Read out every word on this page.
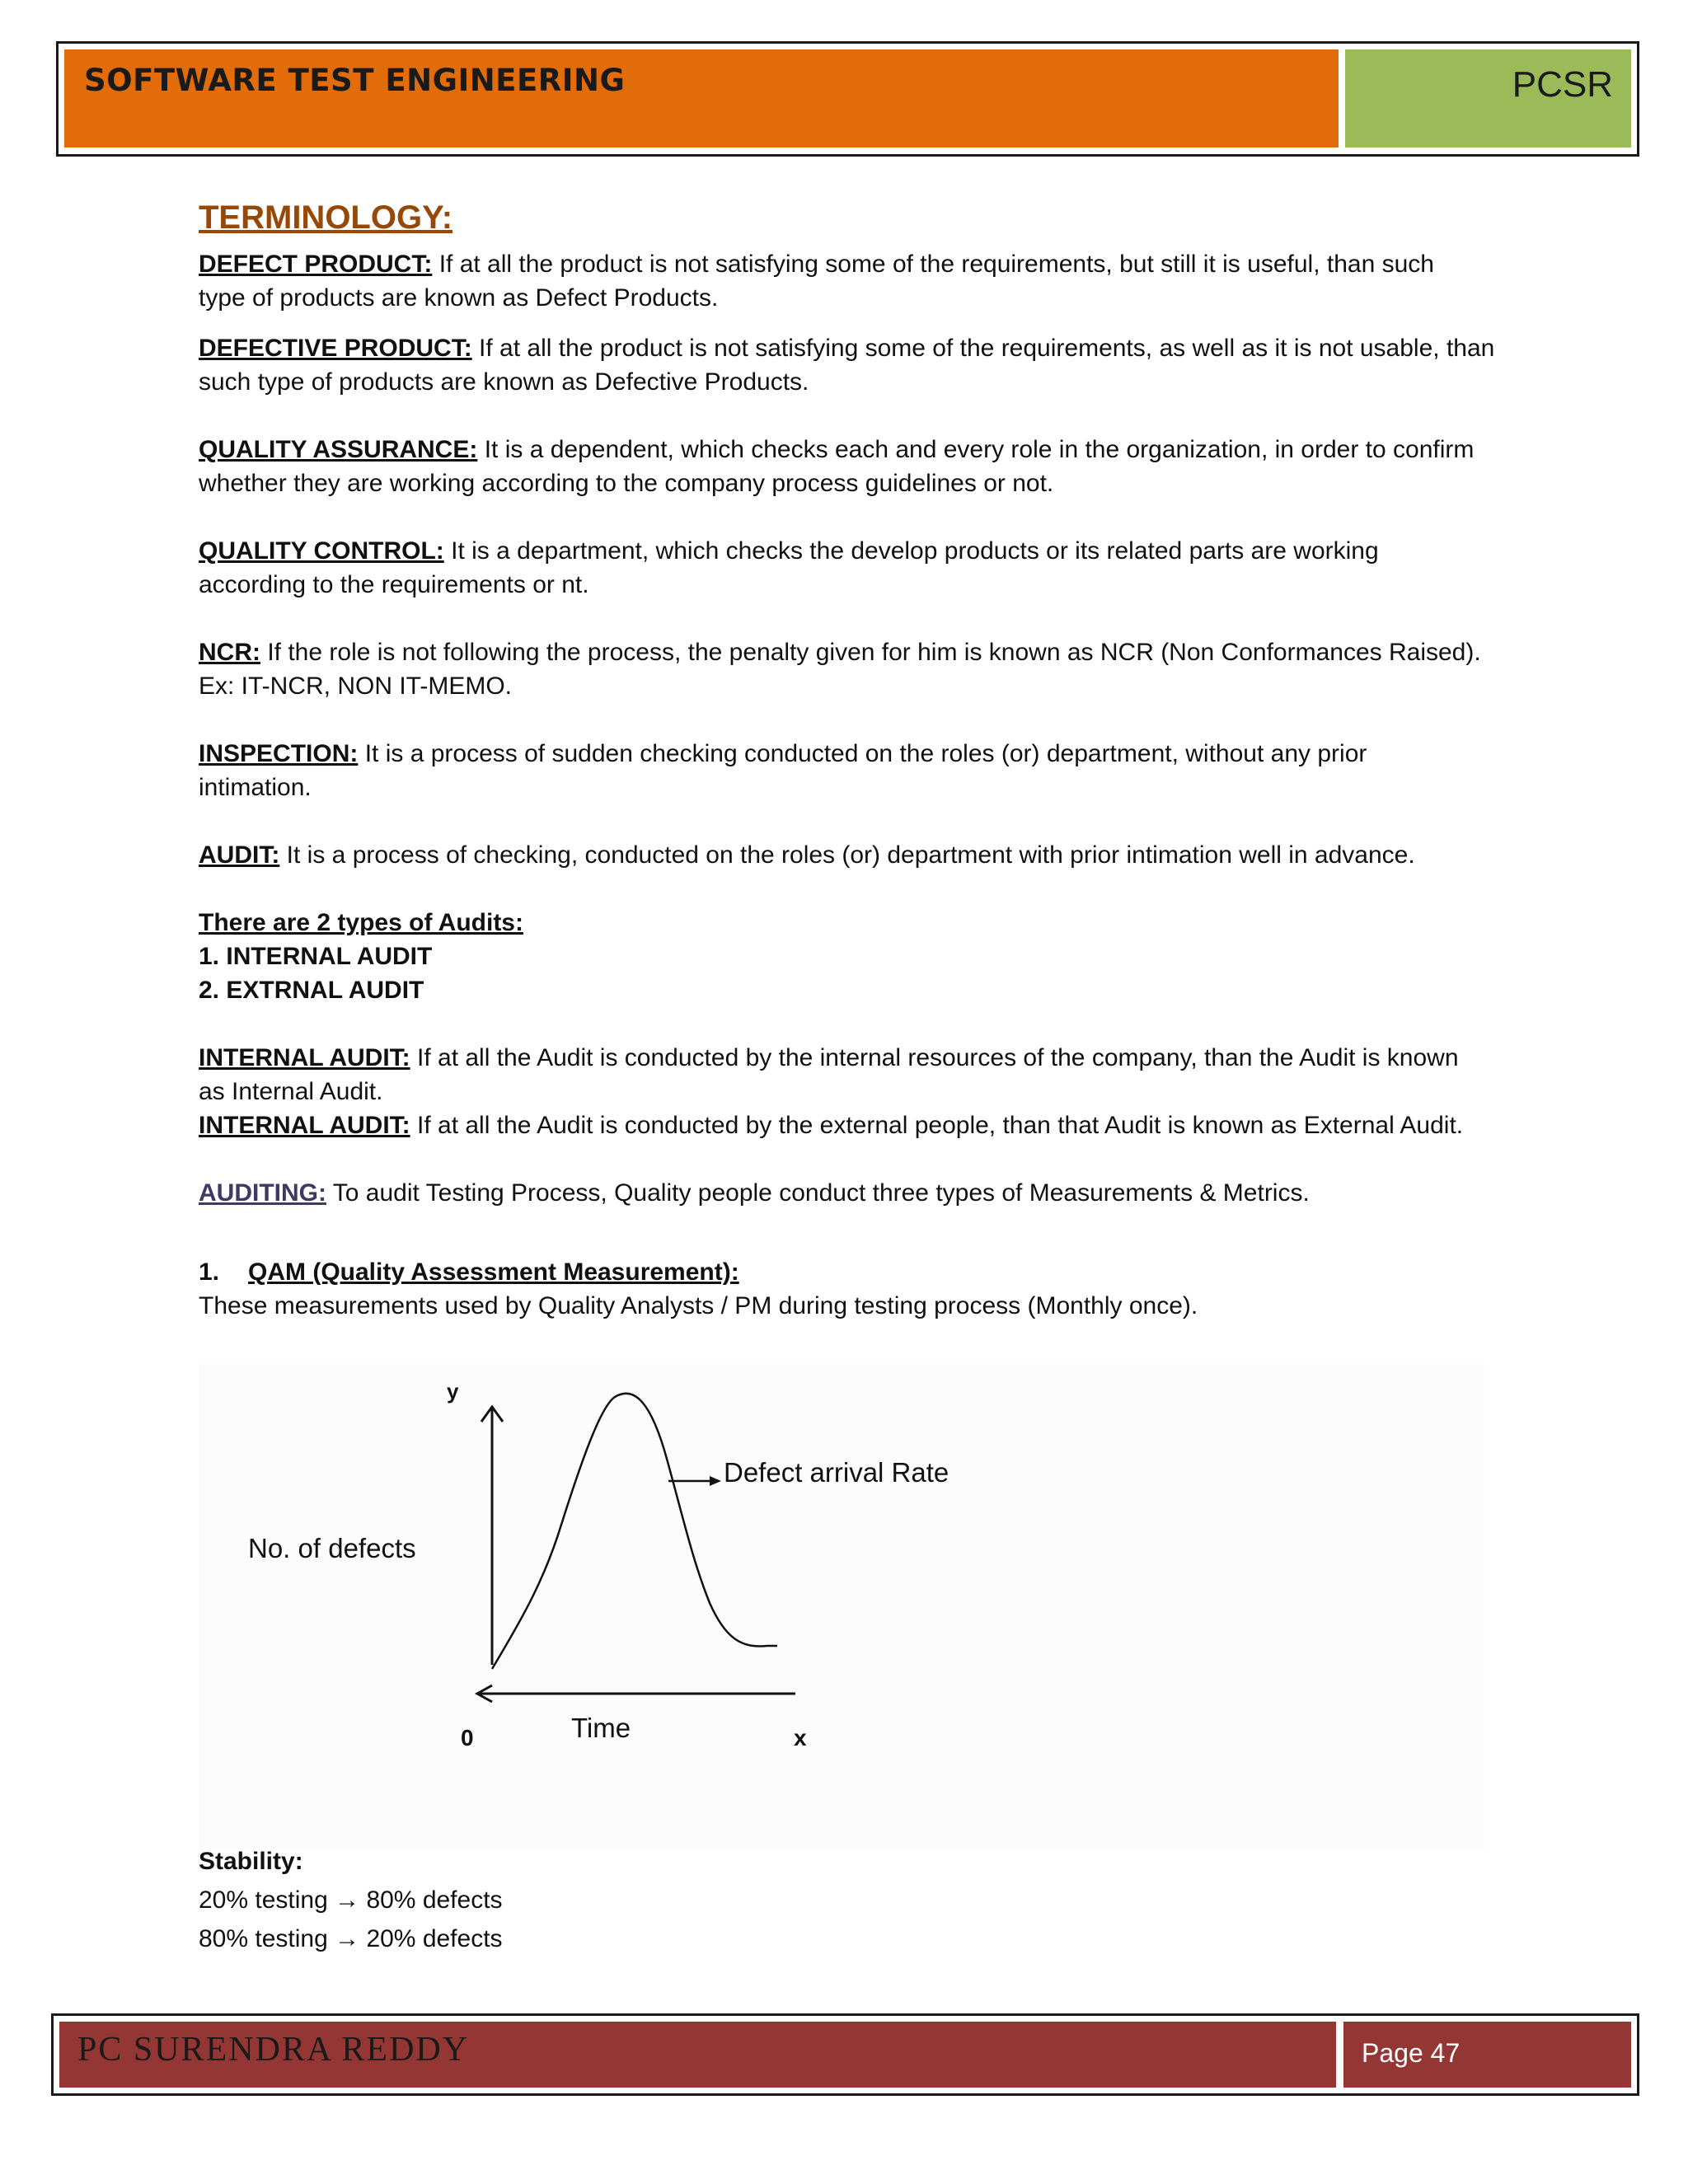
SOFTWARE TEST ENGINEERING	PCSR
TERMINOLOGY:

DEFECT PRODUCT: If at all the product is not satisfying some of the requirements, but still it is useful, than such
type of products are known as Defect Products.

DEFECTIVE PRODUCT: If at all the product is not satisfying some of the requirements, as well as it is not usable, than
such type of products are known as Defective Products.

QUALITY ASSURANCE: It is a dependent, which checks each and every role in the organization, in order to confirm
whether they are working according to the company process guidelines or not.

QUALITY CONTROL: It is a department, which checks the develop products or its related parts are working
according to the requirements or nt.

NCR: If the role is not following the process, the penalty given for him is known as NCR (Non Conformances Raised).
Ex: IT-NCR, NON IT-MEMO.

INSPECTION: It is a process of sudden checking conducted on the roles (or) department, without any prior
intimation.

AUDIT: It is a process of checking, conducted on the roles (or) department with prior intimation well in advance.

There are 2 types of Audits:
1. INTERNAL AUDIT
2. EXTRNAL AUDIT

INTERNAL AUDIT: If at all the Audit is conducted by the internal resources of the company, than the Audit is known
as Internal Audit.
INTERNAL AUDIT: If at all the Audit is conducted by the external people, than that Audit is known as External Audit.

AUDITING: To audit Testing Process, Quality people conduct three types of Measurements & Metrics.

1. QAM (Quality Assessment Measurement):
These measurements used by Quality Analysts / PM during testing process (Monthly once).

y
Defect arrival Rate
No. of defects
Time
0	x
Stability:
20% testing → 80% defects
80% testing → 20% defects
PC SURENDRA REDDY	Page 47
